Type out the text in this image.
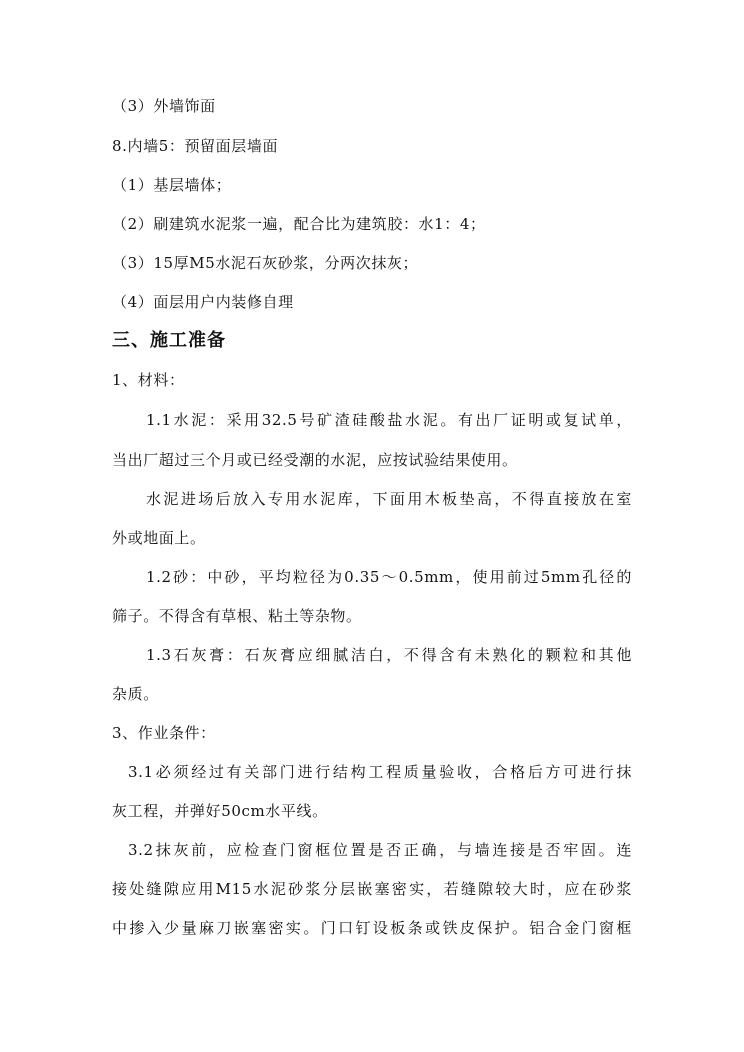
（3）外墙饰面
8.内墙5：预留面层墙面
（1）基层墙体；
（2）刷建筑水泥浆一遍，配合比为建筑胶：水1：4；
（3）15厚M5水泥石灰砂浆，分两次抹灰；
（4）面层用户内装修自理
三、施工准备
1、材料：
1.1水泥：采用32.5号矿渣硅酸盐水泥。有出厂证明或复试单，
当出厂超过三个月或已经受潮的水泥，应按试验结果使用。
水泥进场后放入专用水泥库，下面用木板垫高，不得直接放在室
外或地面上。
1.2砂：中砂，平均粒径为0.35～0.5mm，使用前过5mm孔径的
筛子。不得含有草根、粘土等杂物。
1.3石灰膏：石灰膏应细腻洁白，不得含有未熟化的颗粒和其他
杂质。
3、作业条件：
3.1必须经过有关部门进行结构工程质量验收，合格后方可进行抹
灰工程，并弹好50cm水平线。
3.2抹灰前，应检查门窗框位置是否正确，与墙连接是否牢固。连
接处缝隙应用M15水泥砂浆分层嵌塞密实，若缝隙较大时，应在砂浆
中掺入少量麻刀嵌塞密实。门口钉设板条或铁皮保护。铝合金门窗框
